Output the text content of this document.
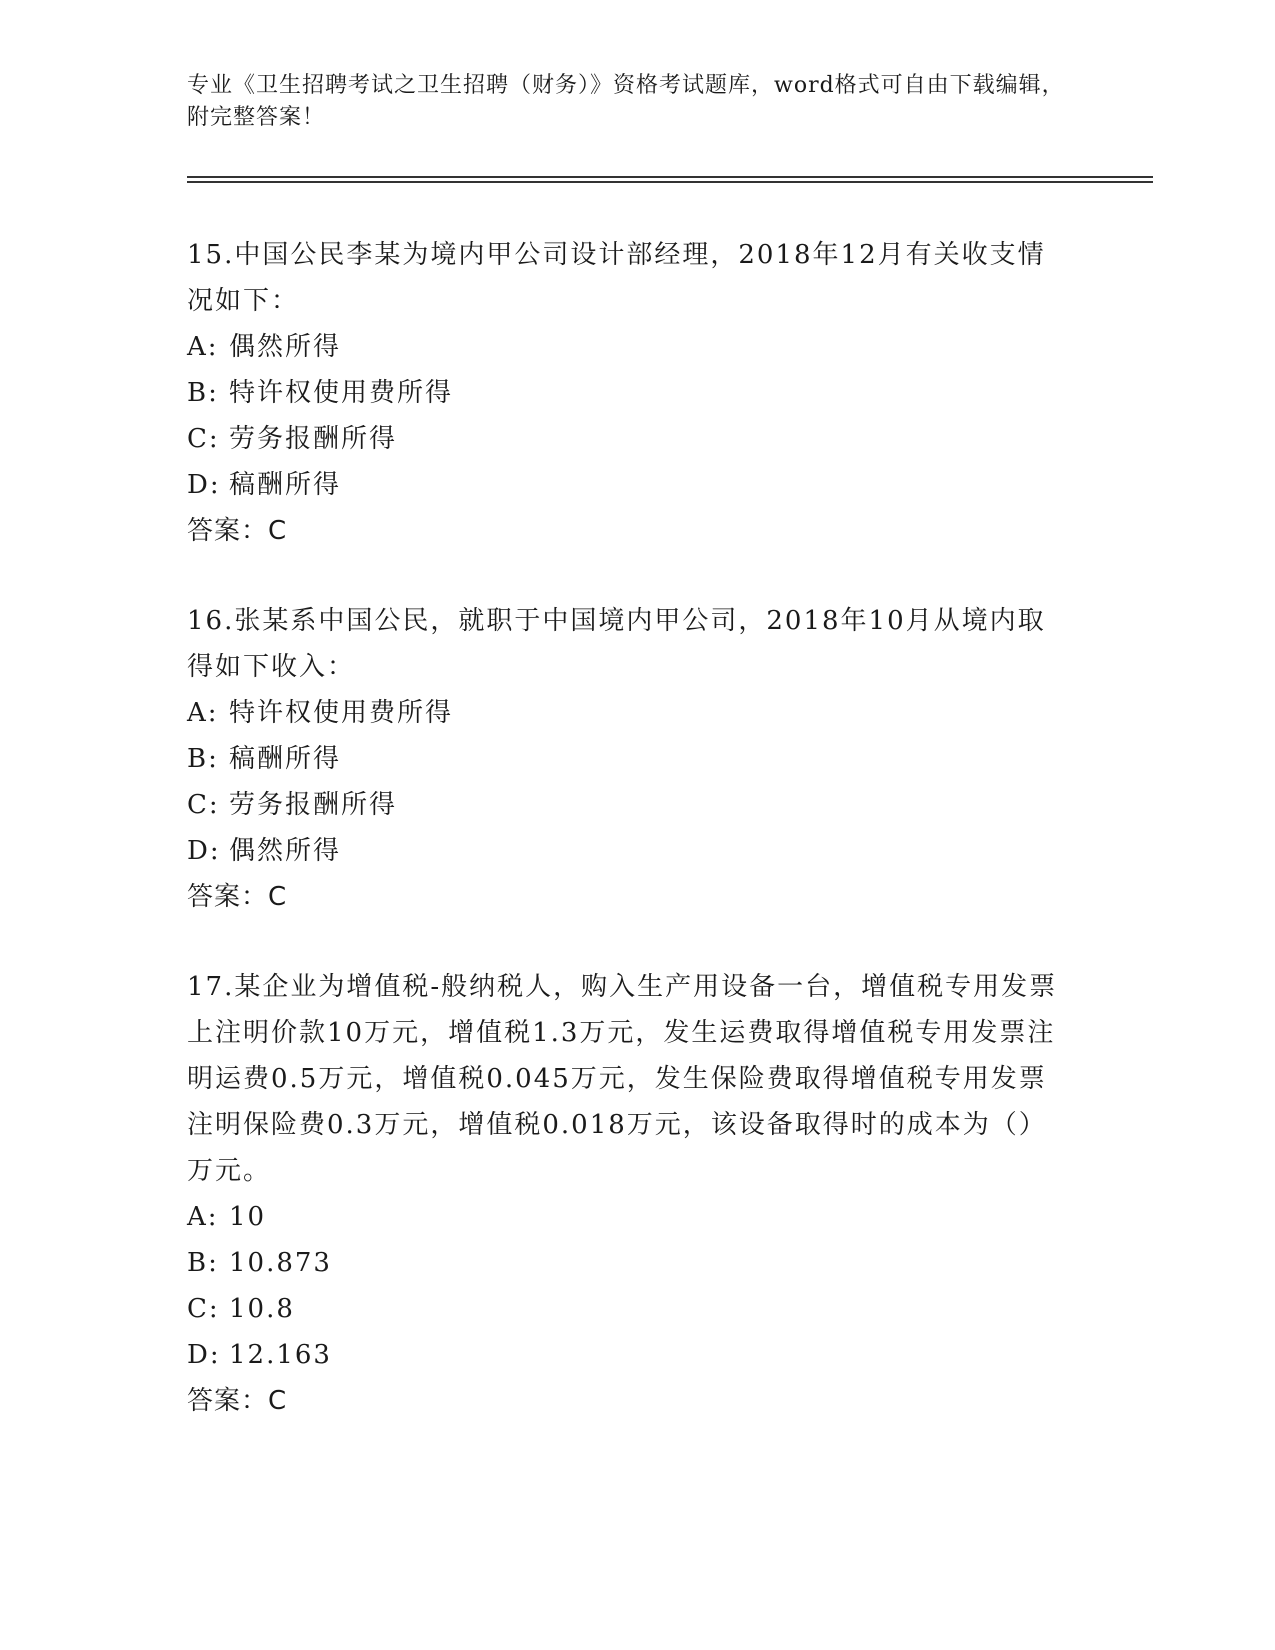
专业《卫生招聘考试之卫生招聘（财务）》资格考试题库，word格式可自由下载编辑，附完整答案！

15.中国公民李某为境内甲公司设计部经理，2018年12月有关收支情况如下：

A: 偶然所得

B: 特许权使用费所得

C: 劳务报酬所得

D: 稿酬所得

答案：C

16.张某系中国公民，就职于中国境内甲公司，2018年10月从境内取得如下收入：

A: 特许权使用费所得

B: 稿酬所得

C: 劳务报酬所得

D: 偶然所得

答案：C

17.某企业为增值税-般纳税人，购入生产用设备一台，增值税专用发票上注明价款10万元，增值税1.3万元，发生运费取得增值税专用发票注明运费0.5万元，增值税0.045万元，发生保险费取得增值税专用发票注明保险费0.3万元，增值税0.018万元，该设备取得时的成本为（）万元。

A: 10

B: 10.873

C: 10.8

D: 12.163

答案：C
